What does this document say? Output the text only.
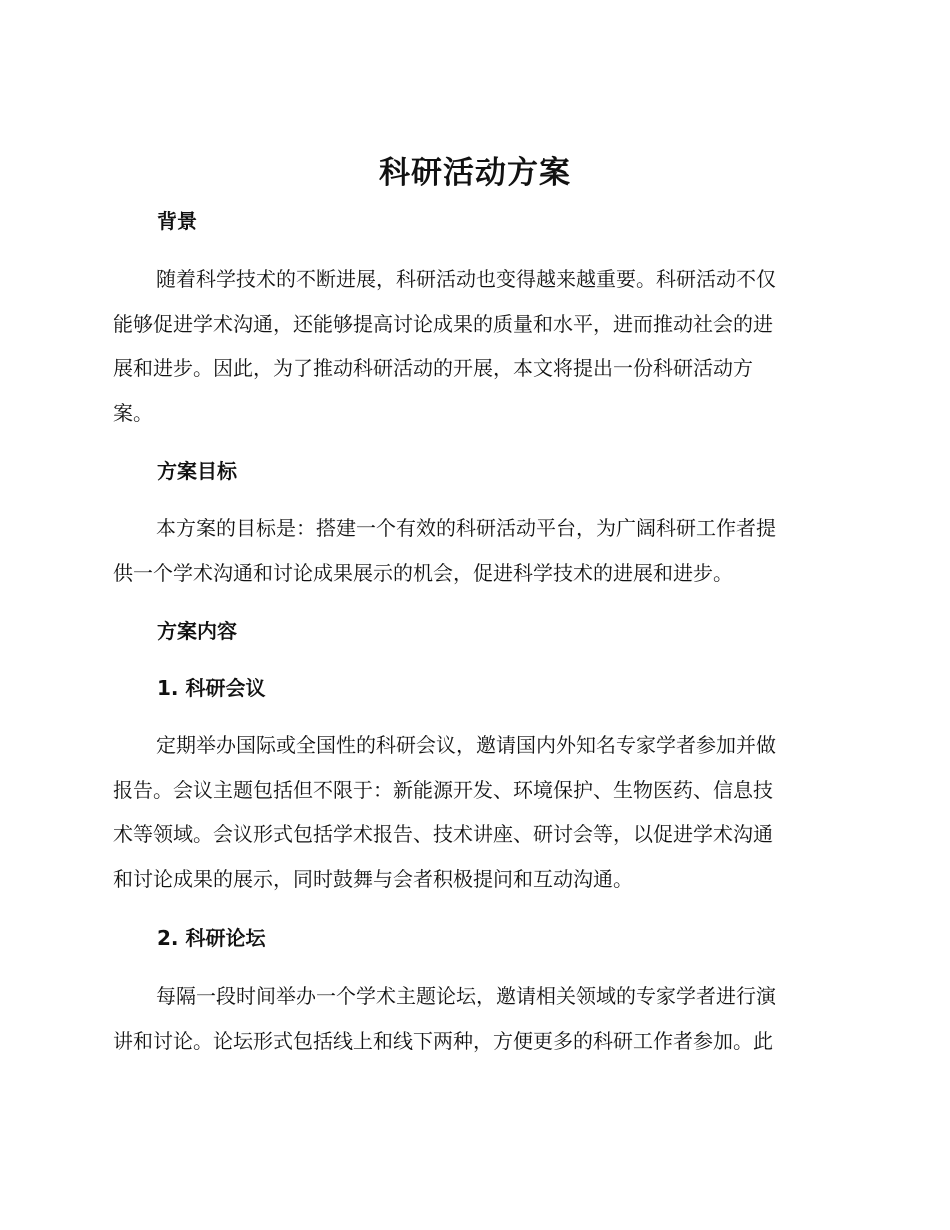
科研活动方案
背景
随着科学技术的不断进展，科研活动也变得越来越重要。科研活动不仅
能够促进学术沟通，还能够提高讨论成果的质量和水平，进而推动社会的进
展和进步。因此，为了推动科研活动的开展，本文将提出一份科研活动方
案。
方案目标
本方案的目标是：搭建一个有效的科研活动平台，为广阔科研工作者提
供一个学术沟通和讨论成果展示的机会，促进科学技术的进展和进步。
方案内容
1. 科研会议
定期举办国际或全国性的科研会议，邀请国内外知名专家学者参加并做
报告。会议主题包括但不限于：新能源开发、环境保护、生物医药、信息技
术等领域。会议形式包括学术报告、技术讲座、研讨会等，以促进学术沟通
和讨论成果的展示，同时鼓舞与会者积极提问和互动沟通。
2. 科研论坛
每隔一段时间举办一个学术主题论坛，邀请相关领域的专家学者进行演
讲和讨论。论坛形式包括线上和线下两种，方便更多的科研工作者参加。此
